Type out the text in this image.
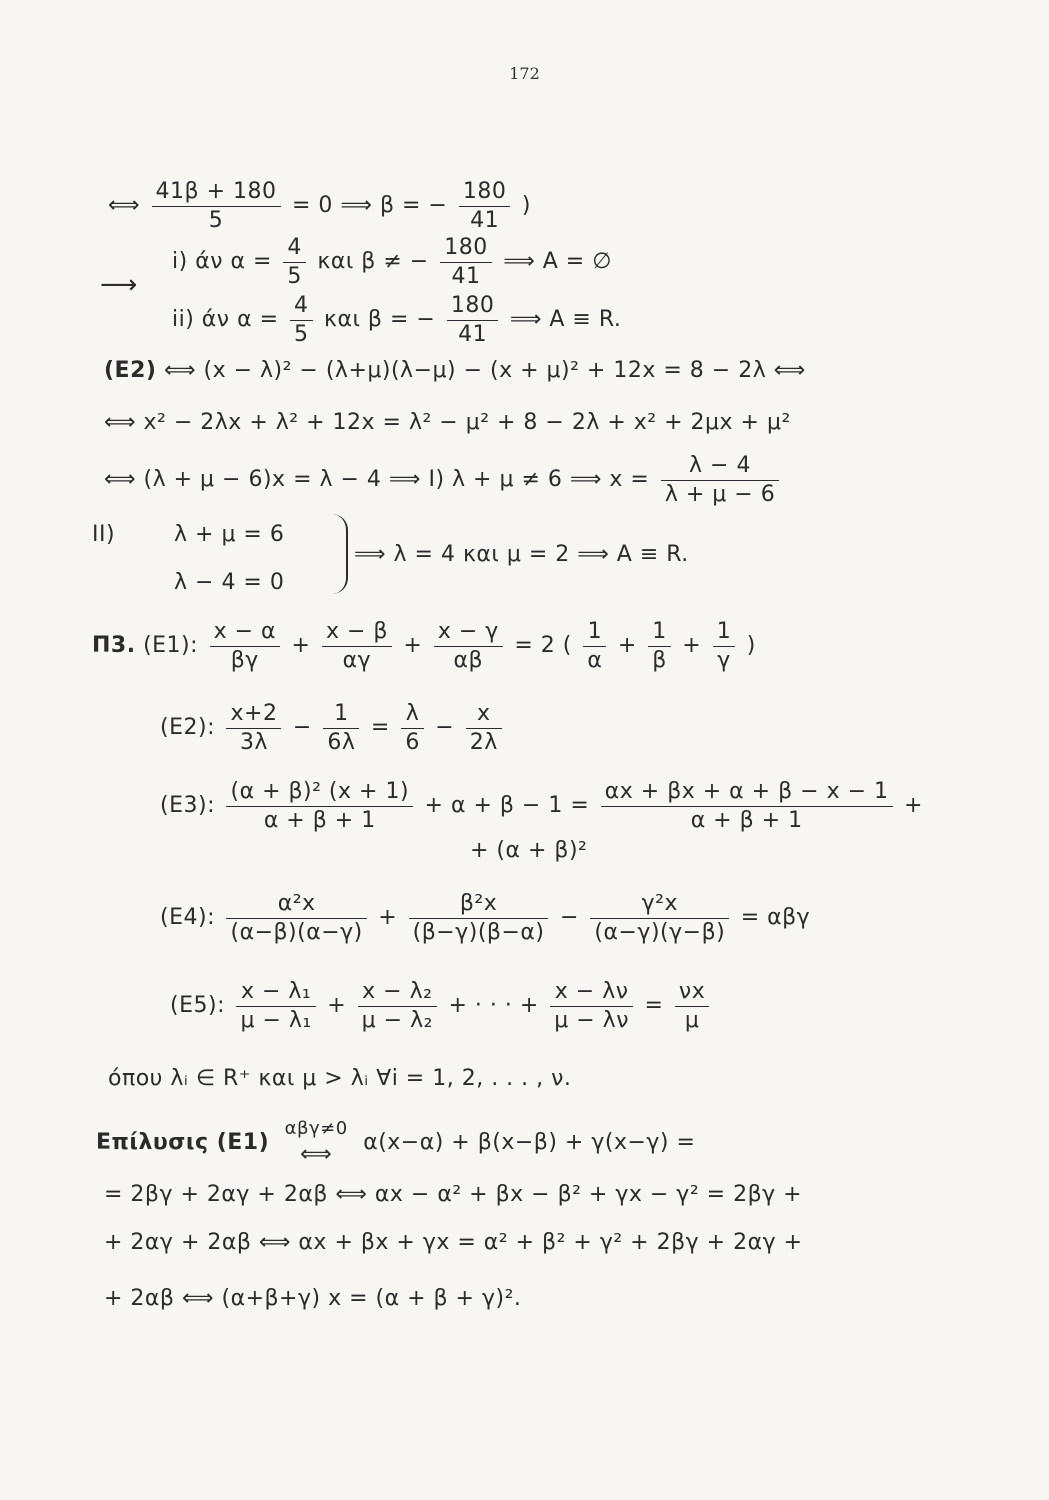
172
⟺ $\frac{41\beta + 180}{5} = 0$ ⟹ β = − $\frac{180}{41}$ )
i) άν $\alpha = \frac{4}{5}$ και β ≠ − $\frac{180}{41}$ ⟹ A = ∅
⟶
ii) άν $\alpha = \frac{4}{5}$ και β = − $\frac{180}{41}$ ⟹ A ≡ R.
(E2) ⟺ (x − λ)² − (λ+μ)(λ−μ) − (x + μ)² + 12x = 8 − 2λ ⟺
⟺ x² − 2λx + λ² + 12x = λ² − μ² + 8 − 2λ + x² + 2μx + μ²
⟺ (λ + μ − 6)x = λ − 4 ⟹ I) λ + μ ≠ 6 ⟹ $x = \frac{\lambda - 4}{\lambda + \mu - 6}$
II)	λ + μ = 6
λ − 4 = 0
⟹ λ = 4 και μ = 2 ⟹ A ≡ R.
Π3. (E1): $\frac{x - \alpha}{\beta\gamma} + \frac{x - \beta}{\alpha\gamma} + \frac{x - \gamma}{\alpha\beta} = 2$ ( $\frac{1}{\alpha} + \frac{1}{\beta} + \frac{1}{\gamma}$ )
(E2): $\frac{x+2}{3\lambda} - \frac{1}{6\lambda} = \frac{\lambda}{6} - \frac{x}{2\lambda}$
(E3): $\frac{\text{(α + β)² (x + 1)}}{\alpha + \beta + 1} + \alpha + \beta - 1 = \frac{\alpha x + \beta x + \alpha + \beta - x - 1}{\alpha + \beta + 1}$ +
+ (α + β)²
(E4): $\frac{\text{α²x}}{(\alpha-\beta)(\alpha-\gamma)} + \frac{\text{β²x}}{(\beta-\gamma)(\beta-\alpha)} - \frac{\text{γ²x}}{(\alpha-\gamma)(\gamma-\beta)} = \alpha\beta\gamma$
(E5): $\frac{\text{x − λ₁}}{\text{μ − λ₁}} + \frac{\text{x − λ₂}}{\text{μ − λ₂}}$ + · · · + $\frac{x - \lambda\nu}{\mu - \lambda\nu} = \frac{\nu x}{\mu}$
όπου λᵢ ∈ R⁺ και μ > λᵢ ∀i = 1, 2, . . . , ν.
Επίλυσις (E1)
αβγ≠0
⟺	α(x−α) + β(x−β) + γ(x−γ) =
= 2βγ + 2αγ + 2αβ ⟺ αx − α² + βx − β² + γx − γ² = 2βγ +
+ 2αγ + 2αβ ⟺ αx + βx + γx = α² + β² + γ² + 2βγ + 2αγ +
+ 2αβ ⟺ (α+β+γ) x = (α + β + γ)².
